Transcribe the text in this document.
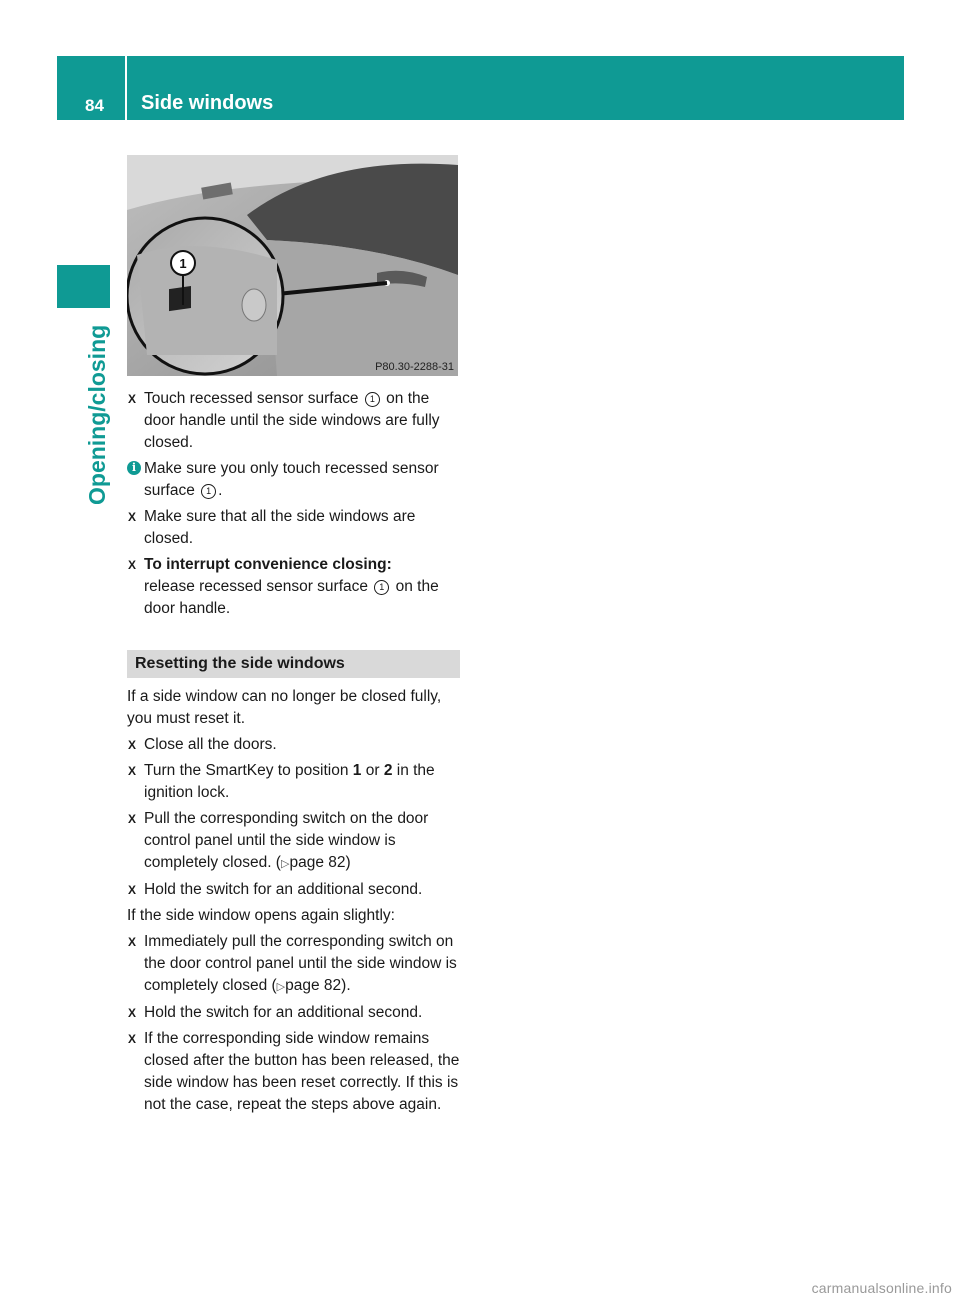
84 Side windows
Opening/closing
1
P80.30-2288-31
X Touch recessed sensor surface 1 on the door handle until the side windows are fully closed.
i Make sure you only touch recessed sensor surface 1 .
X Make sure that all the side windows are closed.
X To interrupt convenience closing:
release recessed sensor surface 1 on the door handle.
Resetting the side windows
If a side window can no longer be closed fully, you must reset it.
X Close all the doors.
X Turn the SmartKey to position 1 or 2 in the ignition lock.
X Pull the corresponding switch on the door control panel until the side window is completely closed. (▷page 82)
X Hold the switch for an additional second.
If the side window opens again slightly:
X Immediately pull the corresponding switch on the door control panel until the side window is completely closed (▷page 82).
X Hold the switch for an additional second.
X If the corresponding side window remains closed after the button has been released, the side window has been reset correctly. If this is not the case, repeat the steps above again.
carmanualsonline.info
